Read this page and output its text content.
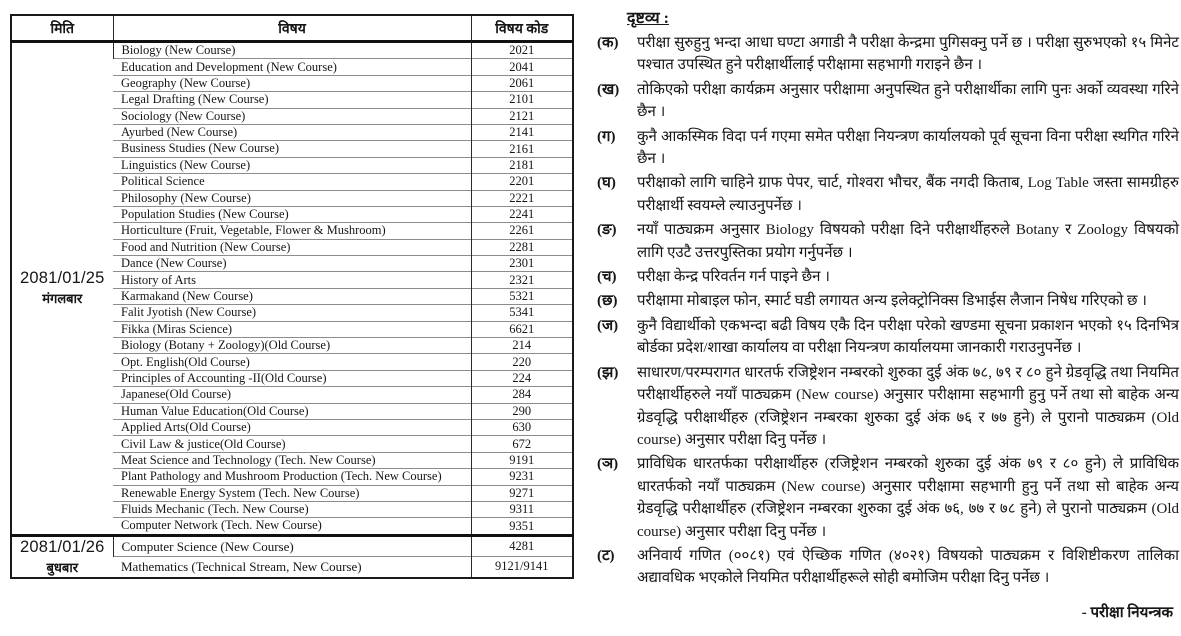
मिति	विषय	विषय कोड

2081/01/25
मंगलबार	Biology (New Course)	2021
	Education and Development (New Course)	2041
	Geography (New Course)	2061
	Legal Drafting (New Course)	2101
	Sociology (New Course)	2121
	Ayurbed (New Course)	2141
	Business Studies (New Course)	2161
	Linguistics (New Course)	2181
	Political Science	2201
	Philosophy (New Course)	2221
	Population Studies (New Course)	2241
	Horticulture (Fruit, Vegetable, Flower & Mushroom)	2261
	Food and Nutrition (New Course)	2281
	Dance (New Course)	2301
	History of Arts	2321
	Karmakand (New Course)	5321
	Falit Jyotish (New Course)	5341
	Fikka (Miras Science)	6621
	Biology (Botany + Zoology)(Old Course)	214
	Opt. English(Old Course)	220
	Principles of Accounting -II(Old Course)	224
	Japanese(Old Course)	284
	Human Value Education(Old Course)	290
	Applied Arts(Old Course)	630
	Civil Law & justice(Old Course)	672
	Meat Science and Technology (Tech. New Course)	9191
	Plant Pathology and Mushroom Production (Tech. New Course)	9231
	Renewable Energy System (Tech. New Course)	9271
	Fluids Mechanic (Tech. New Course)	9311
	Computer Network (Tech. New Course)	9351

2081/01/26
बुधबार	Computer Science (New Course)	4281
	Mathematics (Technical Stream, New Course)	9121/9141
दृष्टव्य :
(क)	परीक्षा सुरुहुनु भन्दा आधा घण्टा अगाडी नै परीक्षा केन्द्रमा पुगिसक्नु पर्ने छ । परीक्षा सुरुभएको १५ मिनेट पश्चात उपस्थित हुने परीक्षार्थीलाई परीक्षामा सहभागी गराइने छैन ।
(ख)	तोकिएको परीक्षा कार्यक्रम अनुसार परीक्षामा अनुपस्थित हुने परीक्षार्थीका लागि पुनः अर्को व्यवस्था गरिने छैन ।
(ग)	कुनै आकस्मिक विदा पर्न गएमा समेत परीक्षा नियन्त्रण कार्यालयको पूर्व सूचना विना परीक्षा स्थगित गरिने छैन ।
(घ)	परीक्षाको लागि चाहिने ग्राफ पेपर, चार्ट, गोश्वरा भौचर, बैंक नगदी किताब, Log Table जस्ता सामग्रीहरु परीक्षार्थी स्वयम्ले ल्याउनुपर्नेछ ।
(ङ)	नयाँ पाठ्यक्रम अनुसार Biology विषयको परीक्षा दिने परीक्षार्थीहरुले Botany र Zoology विषयको लागि एउटै उत्तरपुस्तिका प्रयोग गर्नुपर्नेछ ।
(च)	परीक्षा केन्द्र परिवर्तन गर्न पाइने छैन ।
(छ)	परीक्षामा मोबाइल फोन, स्मार्ट घडी लगायत अन्य इलेक्ट्रोनिक्स डिभाईस लैजान निषेध गरिएको छ ।
(ज)	कुनै विद्यार्थीको एकभन्दा बढी विषय एकै दिन परीक्षा परेको खण्डमा सूचना प्रकाशन भएको १५ दिनभित्र बोर्डका प्रदेश/शाखा कार्यालय वा परीक्षा नियन्त्रण कार्यालयमा जानकारी गराउनुपर्नेछ ।
(झ)	साधारण/परम्परागत धारतर्फ रजिष्ट्रेशन नम्बरको शुरुका दुई अंक ७८, ७९ र ८० हुने ग्रेडवृद्धि तथा नियमित परीक्षार्थीहरुले नयाँ पाठ्यक्रम (New course) अनुसार परीक्षामा सहभागी हुनु पर्ने तथा सो बाहेक अन्य ग्रेडवृद्धि परीक्षार्थीहरु (रजिष्ट्रेशन नम्बरका शुरुका दुई अंक ७६ र ७७ हुने) ले पुरानो पाठ्यक्रम (Old course) अनुसार परीक्षा दिनु पर्नेछ ।
(ञ)	प्राविधिक धारतर्फका परीक्षार्थीहरु (रजिष्ट्रेशन नम्बरको शुरुका दुई अंक ७९ र ८० हुने) ले प्राविधिक धारतर्फको नयाँ पाठ्यक्रम (New course) अनुसार परीक्षामा सहभागी हुनु पर्ने तथा सो बाहेक अन्य ग्रेडवृद्धि परीक्षार्थीहरु (रजिष्ट्रेशन नम्बरका शुरुका दुई अंक ७६, ७७ र ७८ हुने) ले पुरानो पाठ्यक्रम (Old course) अनुसार परीक्षा दिनु पर्नेछ ।
(ट)	अनिवार्य गणित (००८१) एवं ऐच्छिक गणित (४०२१) विषयको पाठ्यक्रम र विशिष्टीकरण तालिका अद्यावधिक भएकोले नियमित परीक्षार्थीहरूले सोही बमोजिम परीक्षा दिनु पर्नेछ ।
- परीक्षा नियन्त्रक
